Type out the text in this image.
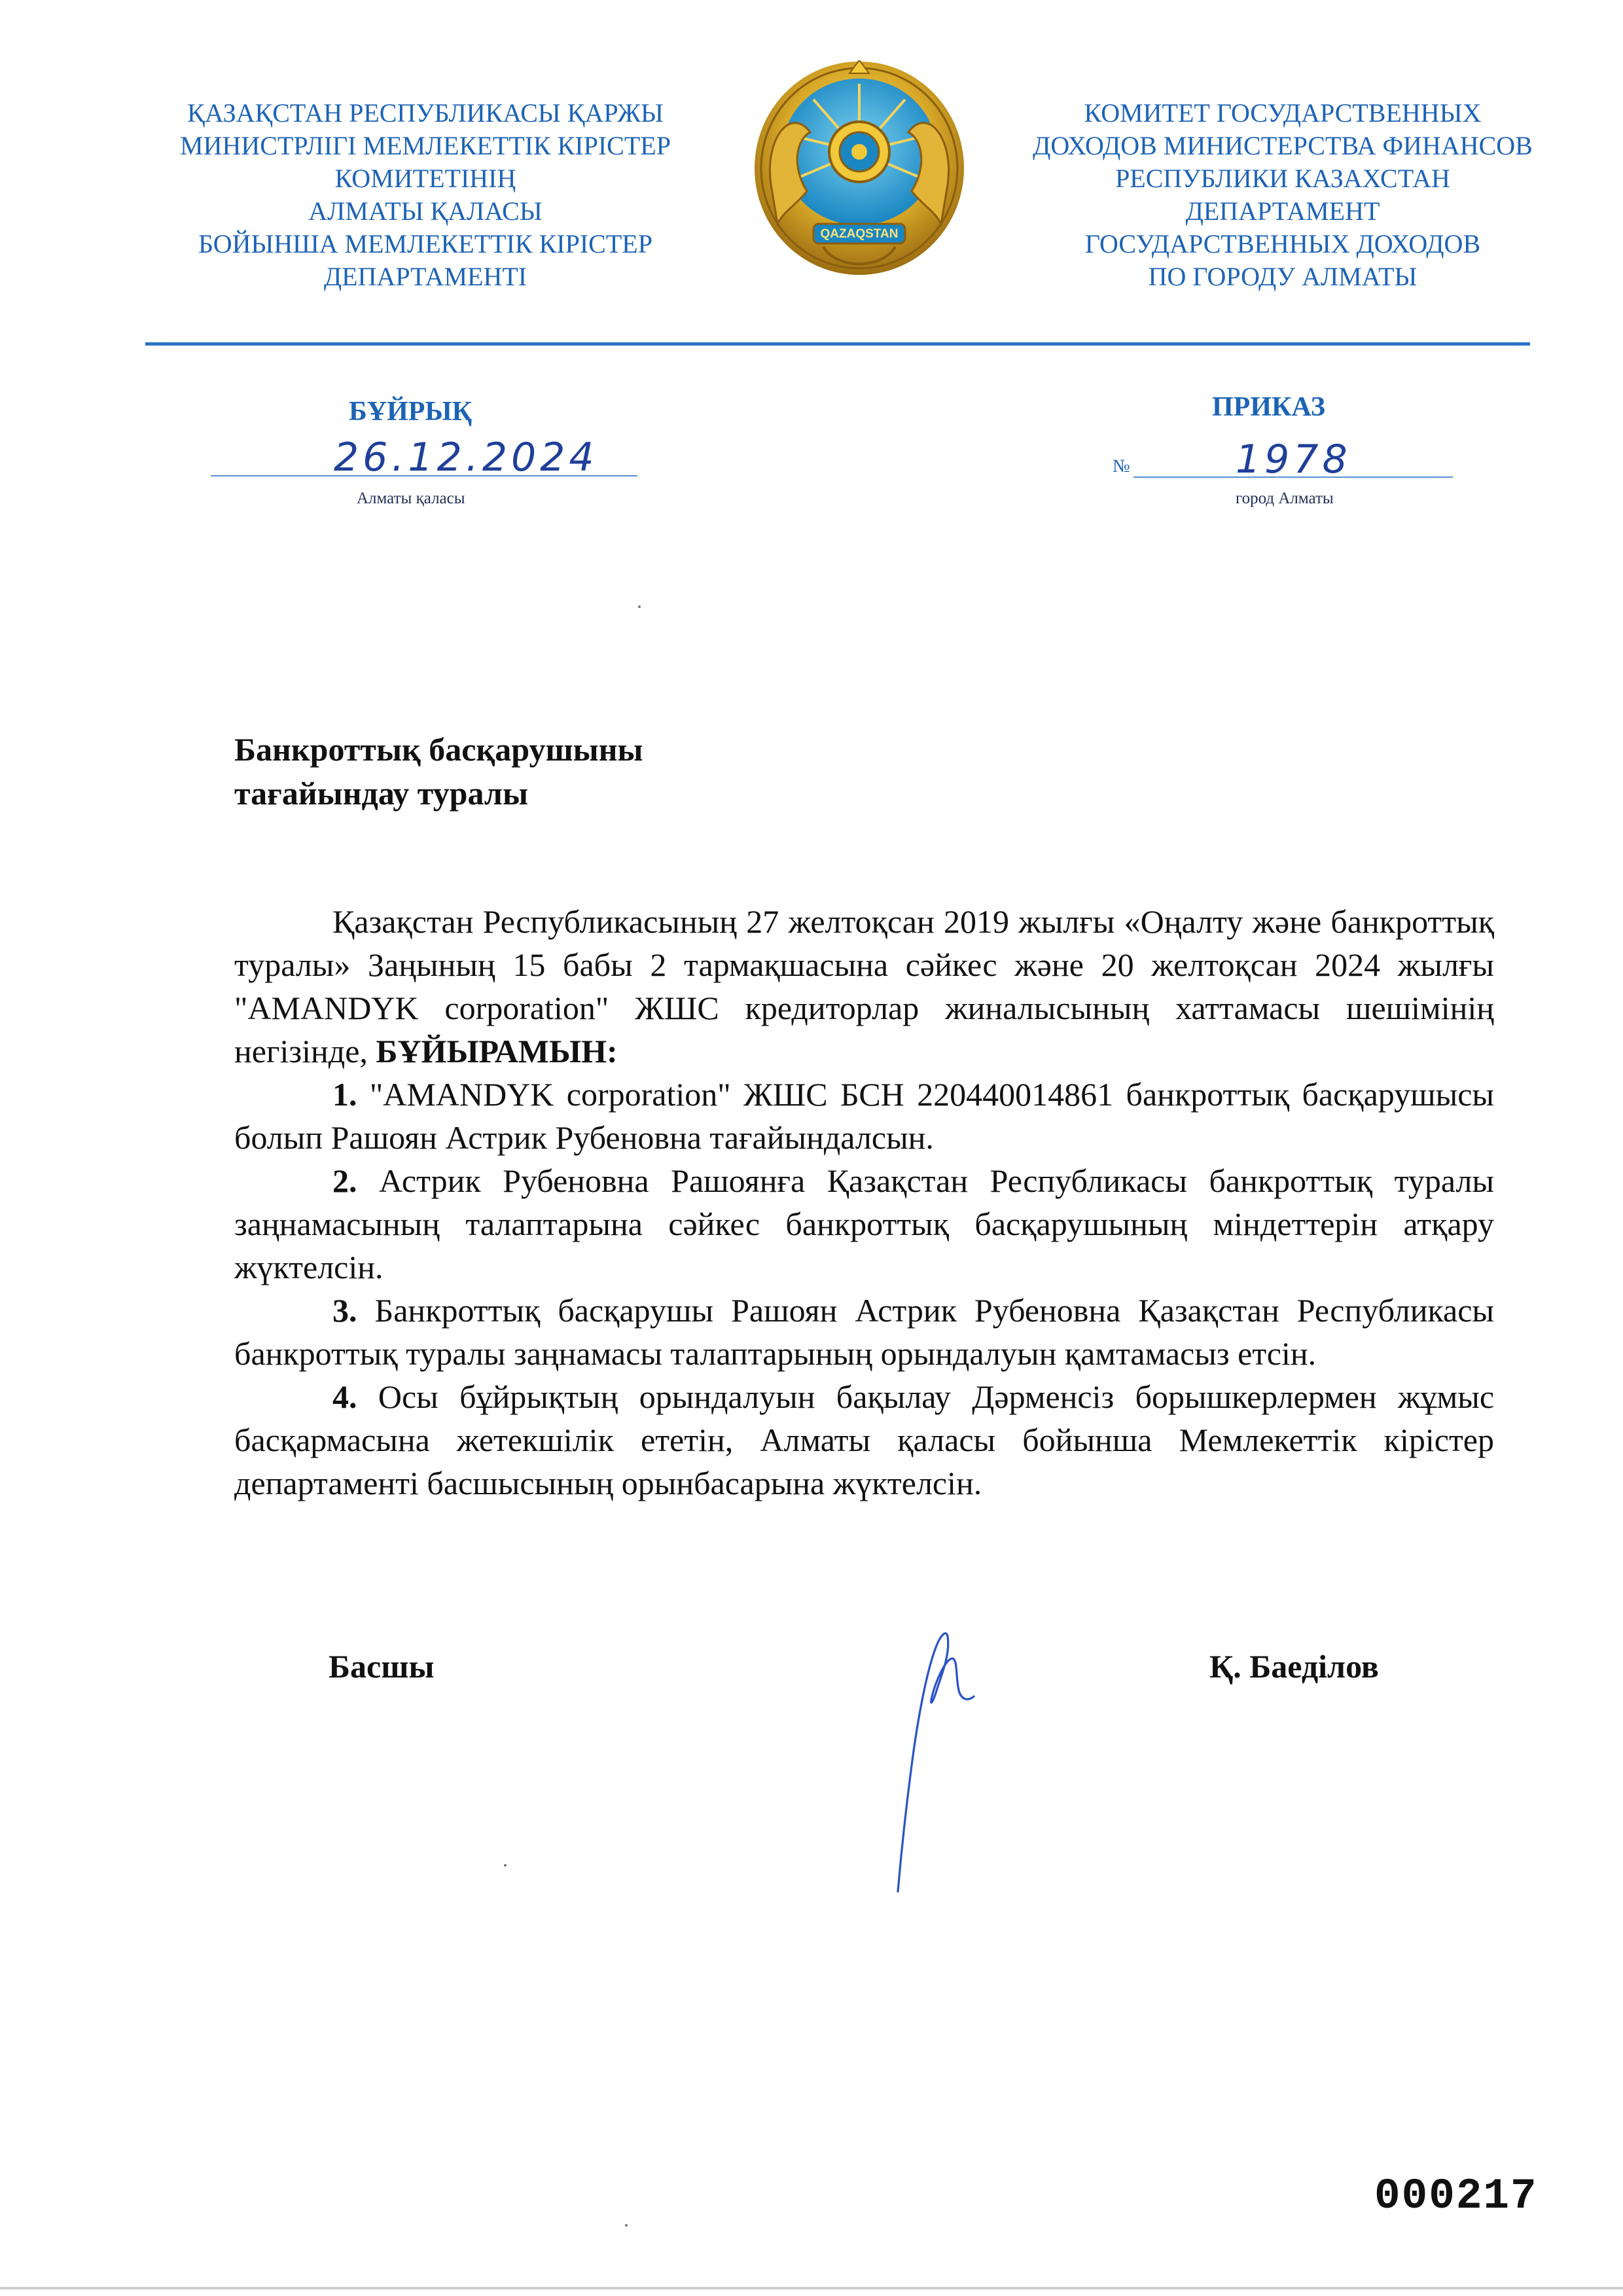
ҚАЗАҚСТАН РЕСПУБЛИКАСЫ ҚАРЖЫ
МИНИСТРЛІГІ МЕМЛЕКЕТТІК КІРІСТЕР
КОМИТЕТІНІҢ
АЛМАТЫ ҚАЛАСЫ
БОЙЫНША МЕМЛЕКЕТТІК КІРІСТЕР
ДЕПАРТАМЕНТІ
QAZAQSTAN
КОМИТЕТ ГОСУДАРСТВЕННЫХ
ДОХОДОВ МИНИСТЕРСТВА ФИНАНСОВ
РЕСПУБЛИКИ КАЗАХСТАН
ДЕПАРТАМЕНТ
ГОСУДАРСТВЕННЫХ ДОХОДОВ
ПО ГОРОДУ АЛМАТЫ
БҰЙРЫҚ	ПРИКАЗ
26.12.2024	№	1978
Алматы қаласы	город Алматы
Банкроттық басқарушыны
тағайындау туралы

Қазақстан Республикасының 27 желтоқсан 2019 жылғы «Оңалту және банкроттық туралы» Заңының 15 бабы 2 тармақшасына сәйкес және 20 желтоқсан 2024 жылғы "AMANDYK corporation" ЖШС кредиторлар жиналысының хаттамасы шешімінің негізінде, БҰЙЫРАМЫН:

1. "AMANDYK corporation" ЖШС БСН 220440014861 банкроттық басқарушысы болып Рашоян Астрик Рубеновна тағайындалсын.

2. Астрик Рубеновна Рашоянға Қазақстан Республикасы банкроттық туралы заңнамасының талаптарына сәйкес банкроттық басқарушының міндеттерін атқару жүктелсін.

3. Банкроттық басқарушы Рашоян Астрик Рубеновна Қазақстан Республикасы банкроттық туралы заңнамасы талаптарының орындалуын қамтамасыз етсін.

4. Осы бұйрықтың орындалуын бақылау Дәрменсіз борышкерлермен жұмыс басқармасына жетекшілік ететін, Алматы қаласы бойынша Мемлекеттік кірістер департаменті басшысының орынбасарына жүктелсін.

Басшы	Қ. Баеділов
000217
